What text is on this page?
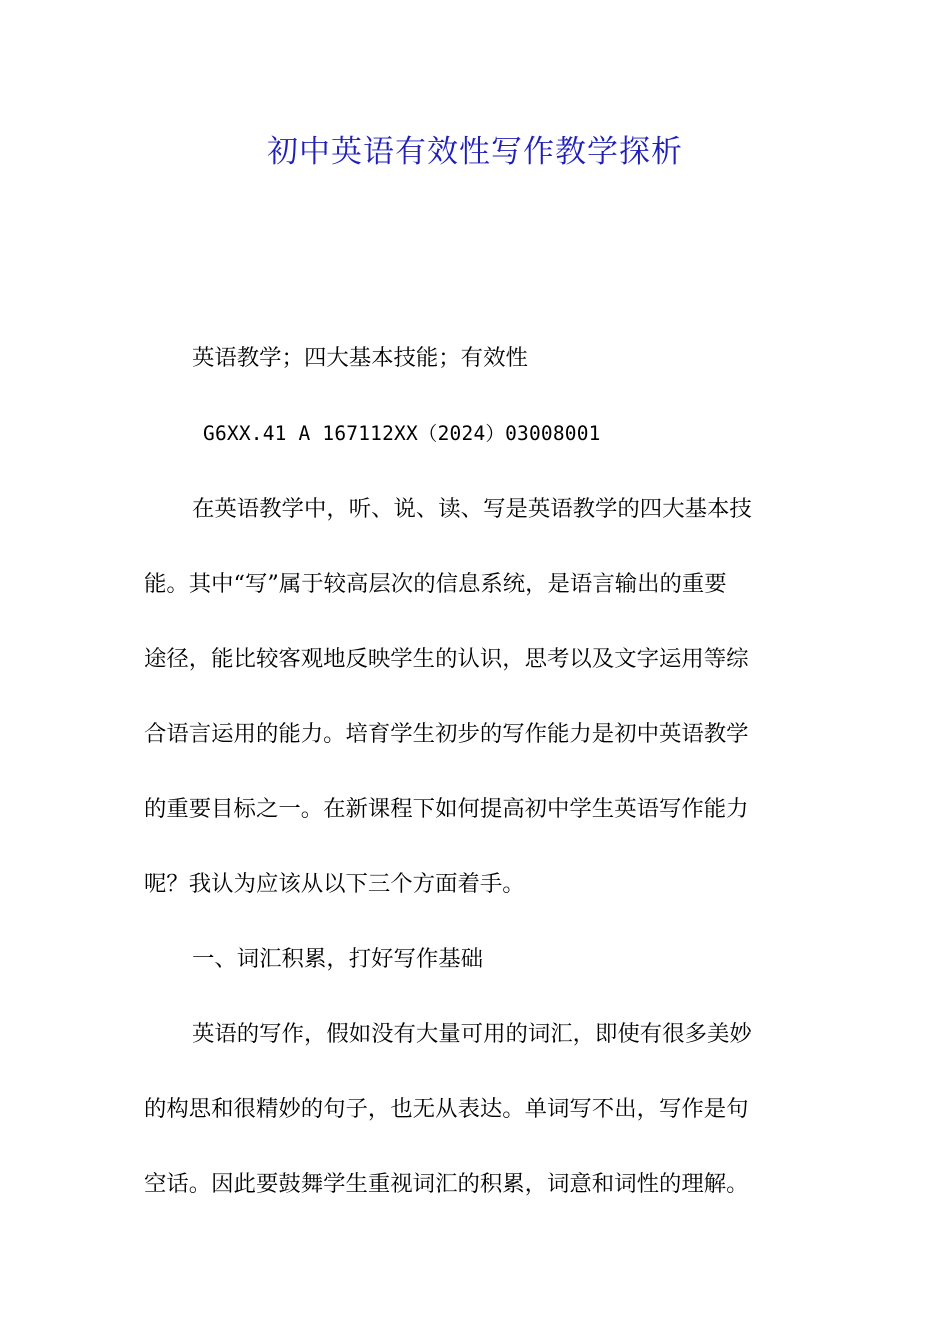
初中英语有效性写作教学探析

英语教学；四大基本技能；有效性

G6XX.41 A 167112XX（2024）03008001

在英语教学中，听、说、读、写是英语教学的四大基本技

能。其中“写”属于较高层次的信息系统，是语言输出的重要

途径，能比较客观地反映学生的认识，思考以及文字运用等综

合语言运用的能力。培育学生初步的写作能力是初中英语教学

的重要目标之一。在新课程下如何提高初中学生英语写作能力

呢？我认为应该从以下三个方面着手。

一、词汇积累，打好写作基础

英语的写作，假如没有大量可用的词汇，即使有很多美妙

的构思和很精妙的句子，也无从表达。单词写不出，写作是句

空话。因此要鼓舞学生重视词汇的积累，词意和词性的理解。
